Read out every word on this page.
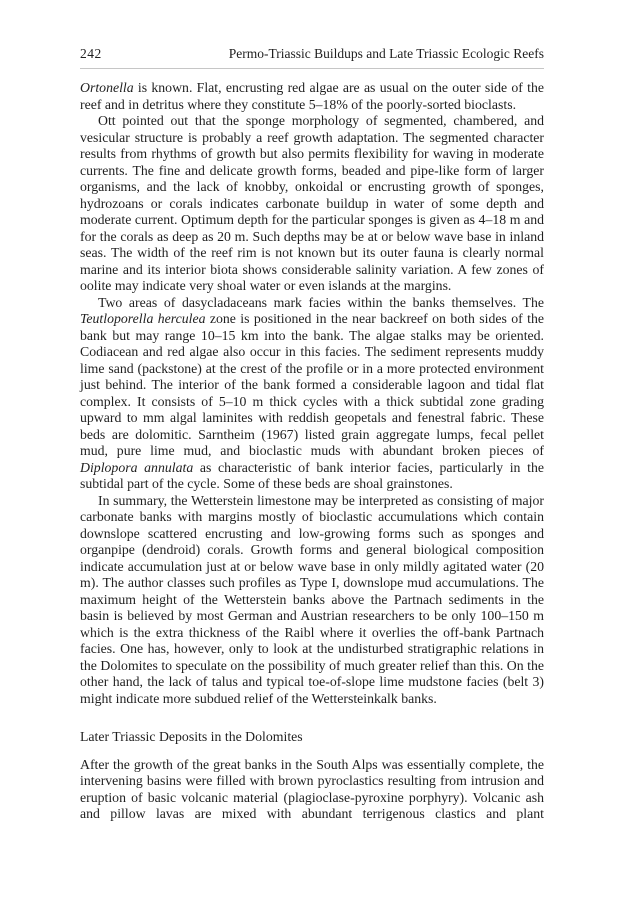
242	Permo-Triassic Buildups and Late Triassic Ecologic Reefs

Ortonella is known. Flat, encrusting red algae are as usual on the outer side of the reef and in detritus where they constitute 5–18% of the poorly-sorted bioclasts.

Ott pointed out that the sponge morphology of segmented, chambered, and vesicular structure is probably a reef growth adaptation. The segmented character results from rhythms of growth but also permits flexibility for waving in moderate currents. The fine and delicate growth forms, beaded and pipe-like form of larger organisms, and the lack of knobby, onkoidal or encrusting growth of sponges, hydrozoans or corals indicates carbonate buildup in water of some depth and moderate current. Optimum depth for the particular sponges is given as 4–18 m and for the corals as deep as 20 m. Such depths may be at or below wave base in inland seas. The width of the reef rim is not known but its outer fauna is clearly normal marine and its interior biota shows considerable salinity variation. A few zones of oolite may indicate very shoal water or even islands at the margins.

Two areas of dasycladaceans mark facies within the banks themselves. The Teutloporella herculea zone is positioned in the near backreef on both sides of the bank but may range 10–15 km into the bank. The algae stalks may be oriented. Codiacean and red algae also occur in this facies. The sediment represents muddy lime sand (packstone) at the crest of the profile or in a more protected environment just behind. The interior of the bank formed a considerable lagoon and tidal flat complex. It consists of 5–10 m thick cycles with a thick subtidal zone grading upward to mm algal laminites with reddish geopetals and fenestral fabric. These beds are dolomitic. Sarntheim (1967) listed grain aggregate lumps, fecal pellet mud, pure lime mud, and bioclastic muds with abundant broken pieces of Diplopora annulata as characteristic of bank interior facies, particularly in the subtidal part of the cycle. Some of these beds are shoal grainstones.

In summary, the Wetterstein limestone may be interpreted as consisting of major carbonate banks with margins mostly of bioclastic accumulations which contain downslope scattered encrusting and low-growing forms such as sponges and organpipe (dendroid) corals. Growth forms and general biological composition indicate accumulation just at or below wave base in only mildly agitated water (20 m). The author classes such profiles as Type I, downslope mud accumulations. The maximum height of the Wetterstein banks above the Partnach sediments in the basin is believed by most German and Austrian researchers to be only 100–150 m which is the extra thickness of the Raibl where it overlies the off-bank Partnach facies. One has, however, only to look at the undisturbed stratigraphic relations in the Dolomites to speculate on the possibility of much greater relief than this. On the other hand, the lack of talus and typical toe-of-slope lime mudstone facies (belt 3) might indicate more subdued relief of the Wettersteinkalk banks.

Later Triassic Deposits in the Dolomites

After the growth of the great banks in the South Alps was essentially complete, the intervening basins were filled with brown pyroclastics resulting from intrusion and eruption of basic volcanic material (plagioclase-pyroxine porphyry). Volcanic ash and pillow lavas are mixed with abundant terrigenous clastics and plant
